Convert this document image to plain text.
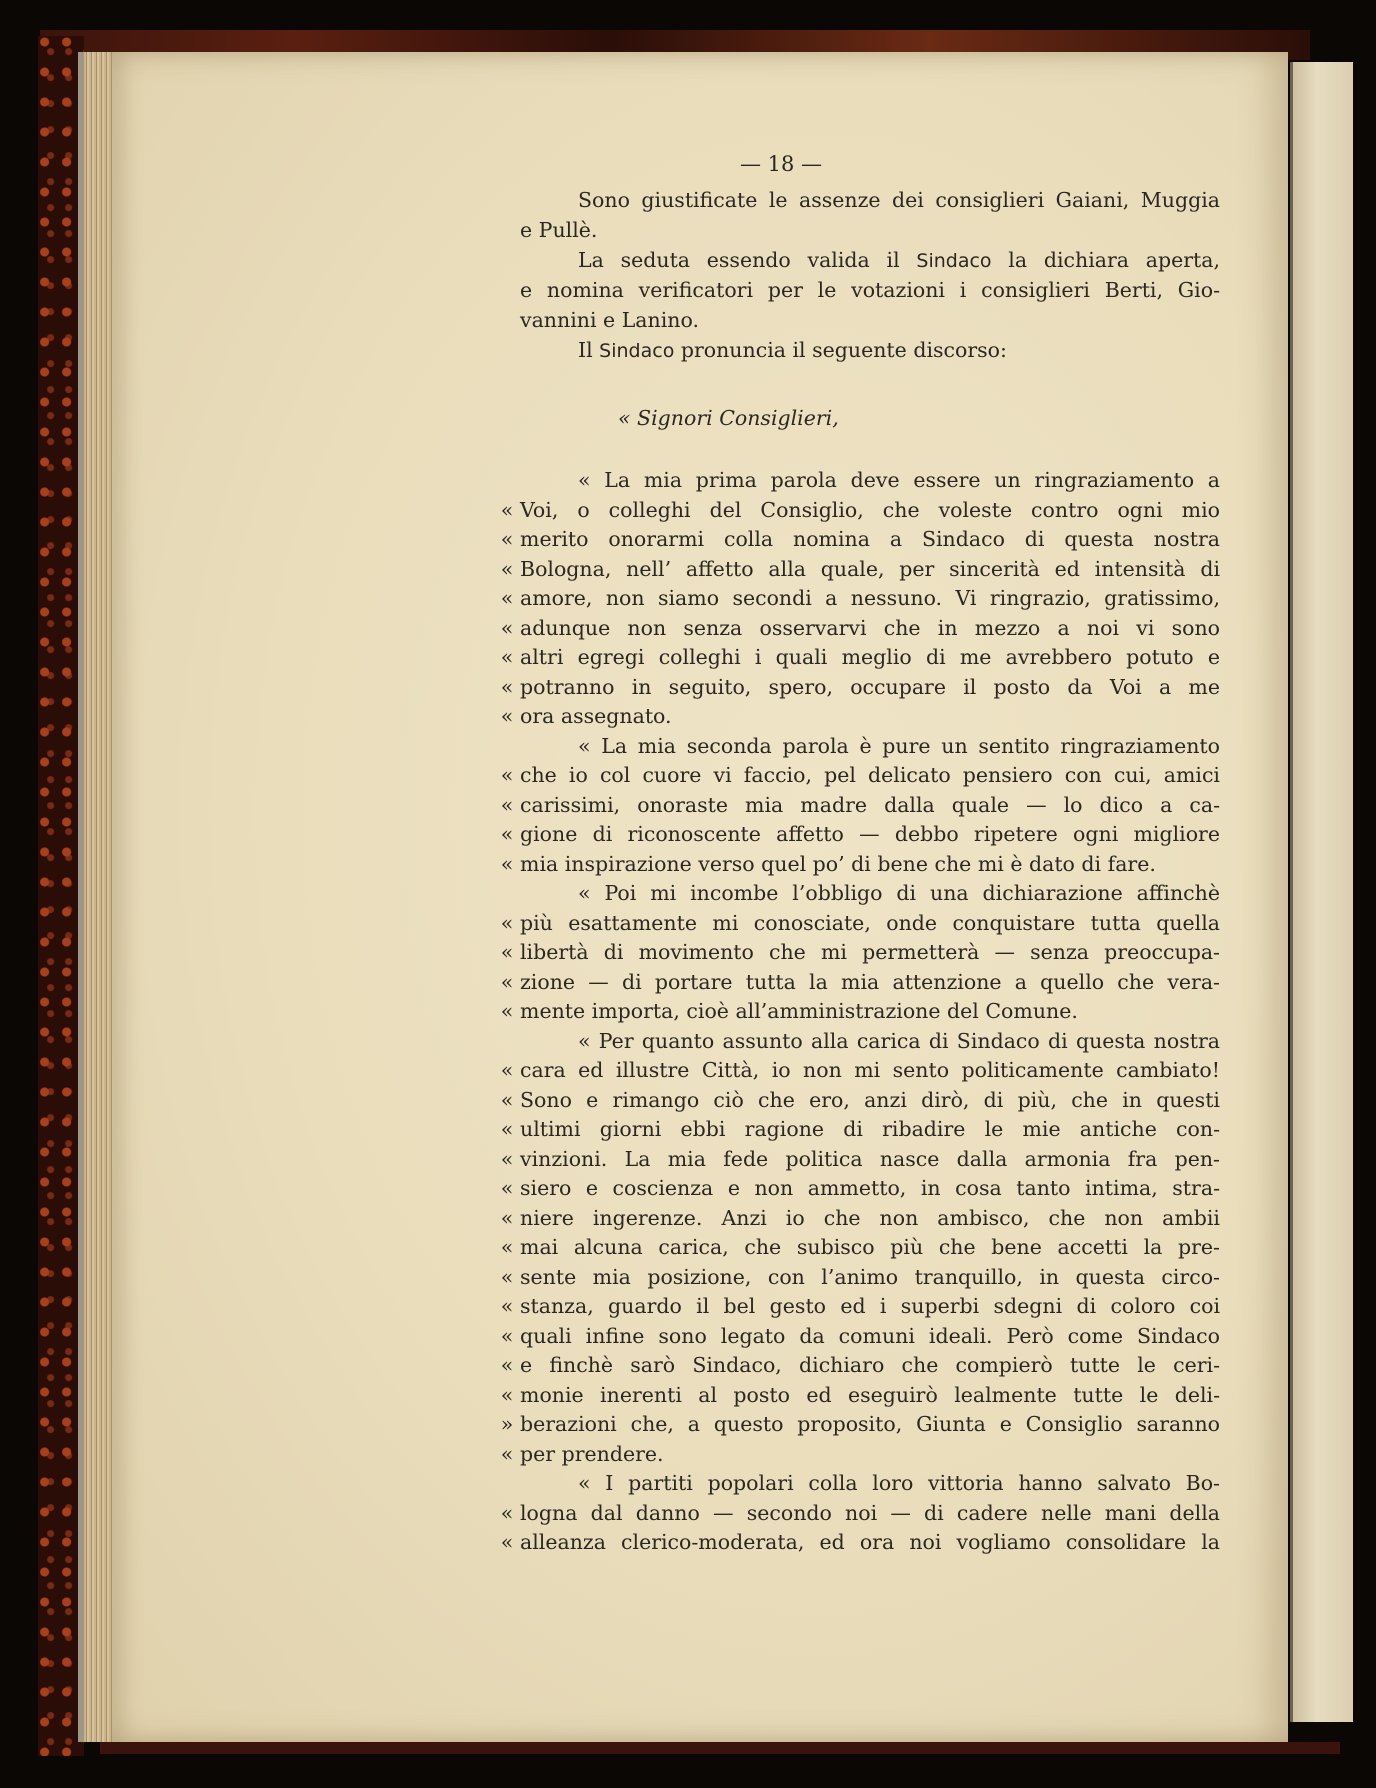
— 18 —
Sono giustificate le assenze dei consiglieri Gaiani, Muggia
e Pullè.
La seduta essendo valida il Sindaco la dichiara aperta,
e nomina verificatori per le votazioni i consiglieri Berti, Gio-
vannini e Lanino.
Il Sindaco pronuncia il seguente discorso:
« Signori Consiglieri,
« La mia prima parola deve essere un ringraziamento a
« Voi, o colleghi del Consiglio, che voleste contro ogni mio
« merito onorarmi colla nomina a Sindaco di questa nostra
« Bologna, nell’ affetto alla quale, per sincerità ed intensità di
« amore, non siamo secondi a nessuno. Vi ringrazio, gratissimo,
« adunque non senza osservarvi che in mezzo a noi vi sono
« altri egregi colleghi i quali meglio di me avrebbero potuto e
« potranno in seguito, spero, occupare il posto da Voi a me
« ora assegnato.
« La mia seconda parola è pure un sentito ringraziamento
« che io col cuore vi faccio, pel delicato pensiero con cui, amici
« carissimi, onoraste mia madre dalla quale — lo dico a ca-
« gione di riconoscente affetto — debbo ripetere ogni migliore
« mia inspirazione verso quel po’ di bene che mi è dato di fare.
« Poi mi incombe l’obbligo di una dichiarazione affinchè
« più esattamente mi conosciate, onde conquistare tutta quella
« libertà di movimento che mi permetterà — senza preoccupa-
« zione — di portare tutta la mia attenzione a quello che vera-
« mente importa, cioè all’amministrazione del Comune.
« Per quanto assunto alla carica di Sindaco di questa nostra
« cara ed illustre Città, io non mi sento politicamente cambiato!
« Sono e rimango ciò che ero, anzi dirò, di più, che in questi
« ultimi giorni ebbi ragione di ribadire le mie antiche con-
« vinzioni. La mia fede politica nasce dalla armonia fra pen-
« siero e coscienza e non ammetto, in cosa tanto intima, stra-
« niere ingerenze. Anzi io che non ambisco, che non ambii
« mai alcuna carica, che subisco più che bene accetti la pre-
« sente mia posizione, con l’animo tranquillo, in questa circo-
« stanza, guardo il bel gesto ed i superbi sdegni di coloro coi
« quali infine sono legato da comuni ideali. Però come Sindaco
« e finchè sarò Sindaco, dichiaro che compierò tutte le ceri-
« monie inerenti al posto ed eseguirò lealmente tutte le deli-
» berazioni che, a questo proposito, Giunta e Consiglio saranno
« per prendere.
« I partiti popolari colla loro vittoria hanno salvato Bo-
« logna dal danno — secondo noi — di cadere nelle mani della
« alleanza clerico-moderata, ed ora noi vogliamo consolidare la
